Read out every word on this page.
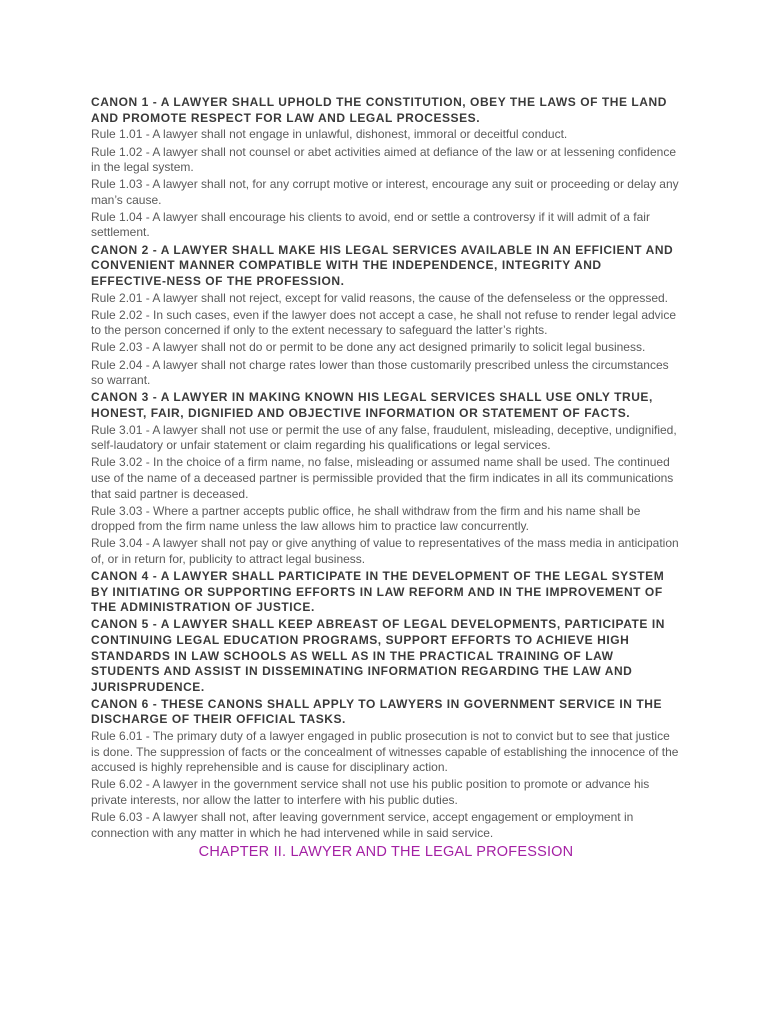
CANON 1 - A LAWYER SHALL UPHOLD THE CONSTITUTION, OBEY THE LAWS OF THE LAND AND PROMOTE RESPECT FOR LAW AND LEGAL PROCESSES.
Rule 1.01 - A lawyer shall not engage in unlawful, dishonest, immoral or deceitful conduct.
Rule 1.02 - A lawyer shall not counsel or abet activities aimed at defiance of the law or at lessening confidence in the legal system.
Rule 1.03 - A lawyer shall not, for any corrupt motive or interest, encourage any suit or proceeding or delay any man’s cause.
Rule 1.04 - A lawyer shall encourage his clients to avoid, end or settle a controversy if it will admit of a fair settlement.
CANON 2 - A LAWYER SHALL MAKE HIS LEGAL SERVICES AVAILABLE IN AN EFFICIENT AND CONVENIENT MANNER COMPATIBLE WITH THE INDEPENDENCE, INTEGRITY AND EFFECTIVE-NESS OF THE PROFESSION.
Rule 2.01 - A lawyer shall not reject, except for valid reasons, the cause of the defenseless or the oppressed.
Rule 2.02 - In such cases, even if the lawyer does not accept a case, he shall not refuse to render legal advice to the person concerned if only to the extent necessary to safeguard the latter’s rights.
Rule 2.03 - A lawyer shall not do or permit to be done any act designed primarily to solicit legal business.
Rule 2.04 - A lawyer shall not charge rates lower than those customarily prescribed unless the circumstances so warrant.
CANON 3 - A LAWYER IN MAKING KNOWN HIS LEGAL SERVICES SHALL USE ONLY TRUE, HONEST, FAIR, DIGNIFIED AND OBJECTIVE INFORMATION OR STATEMENT OF FACTS.
Rule 3.01 - A lawyer shall not use or permit the use of any false, fraudulent, misleading, deceptive, undignified, self-laudatory or unfair statement or claim regarding his qualifications or legal services.
Rule 3.02 - In the choice of a firm name, no false, misleading or assumed name shall be used. The continued use of the name of a deceased partner is permissible provided that the firm indicates in all its communications that said partner is deceased.
Rule 3.03 - Where a partner accepts public office, he shall withdraw from the firm and his name shall be dropped from the firm name unless the law allows him to practice law concurrently.
Rule 3.04 - A lawyer shall not pay or give anything of value to representatives of the mass media in anticipation of, or in return for, publicity to attract legal business.
CANON 4 - A LAWYER SHALL PARTICIPATE IN THE DEVELOPMENT OF THE LEGAL SYSTEM BY INITIATING OR SUPPORTING EFFORTS IN LAW REFORM AND IN THE IMPROVEMENT OF THE ADMINISTRATION OF JUSTICE.
CANON 5 - A LAWYER SHALL KEEP ABREAST OF LEGAL DEVELOPMENTS, PARTICIPATE IN CONTINUING LEGAL EDUCATION PROGRAMS, SUPPORT EFFORTS TO ACHIEVE HIGH STANDARDS IN LAW SCHOOLS AS WELL AS IN THE PRACTICAL TRAINING OF LAW STUDENTS AND ASSIST IN DISSEMINATING INFORMATION REGARDING THE LAW AND JURISPRUDENCE.
CANON 6 - THESE CANONS SHALL APPLY TO LAWYERS IN GOVERNMENT SERVICE IN THE DISCHARGE OF THEIR OFFICIAL TASKS.
Rule 6.01 - The primary duty of a lawyer engaged in public prosecution is not to convict but to see that justice is done. The suppression of facts or the concealment of witnesses capable of establishing the innocence of the accused is highly reprehensible and is cause for disciplinary action.
Rule 6.02 - A lawyer in the government service shall not use his public position to promote or advance his private interests, nor allow the latter to interfere with his public duties.
Rule 6.03 - A lawyer shall not, after leaving government service, accept engagement or employment in connection with any matter in which he had intervened while in said service.
CHAPTER II. LAWYER AND THE LEGAL PROFESSION
